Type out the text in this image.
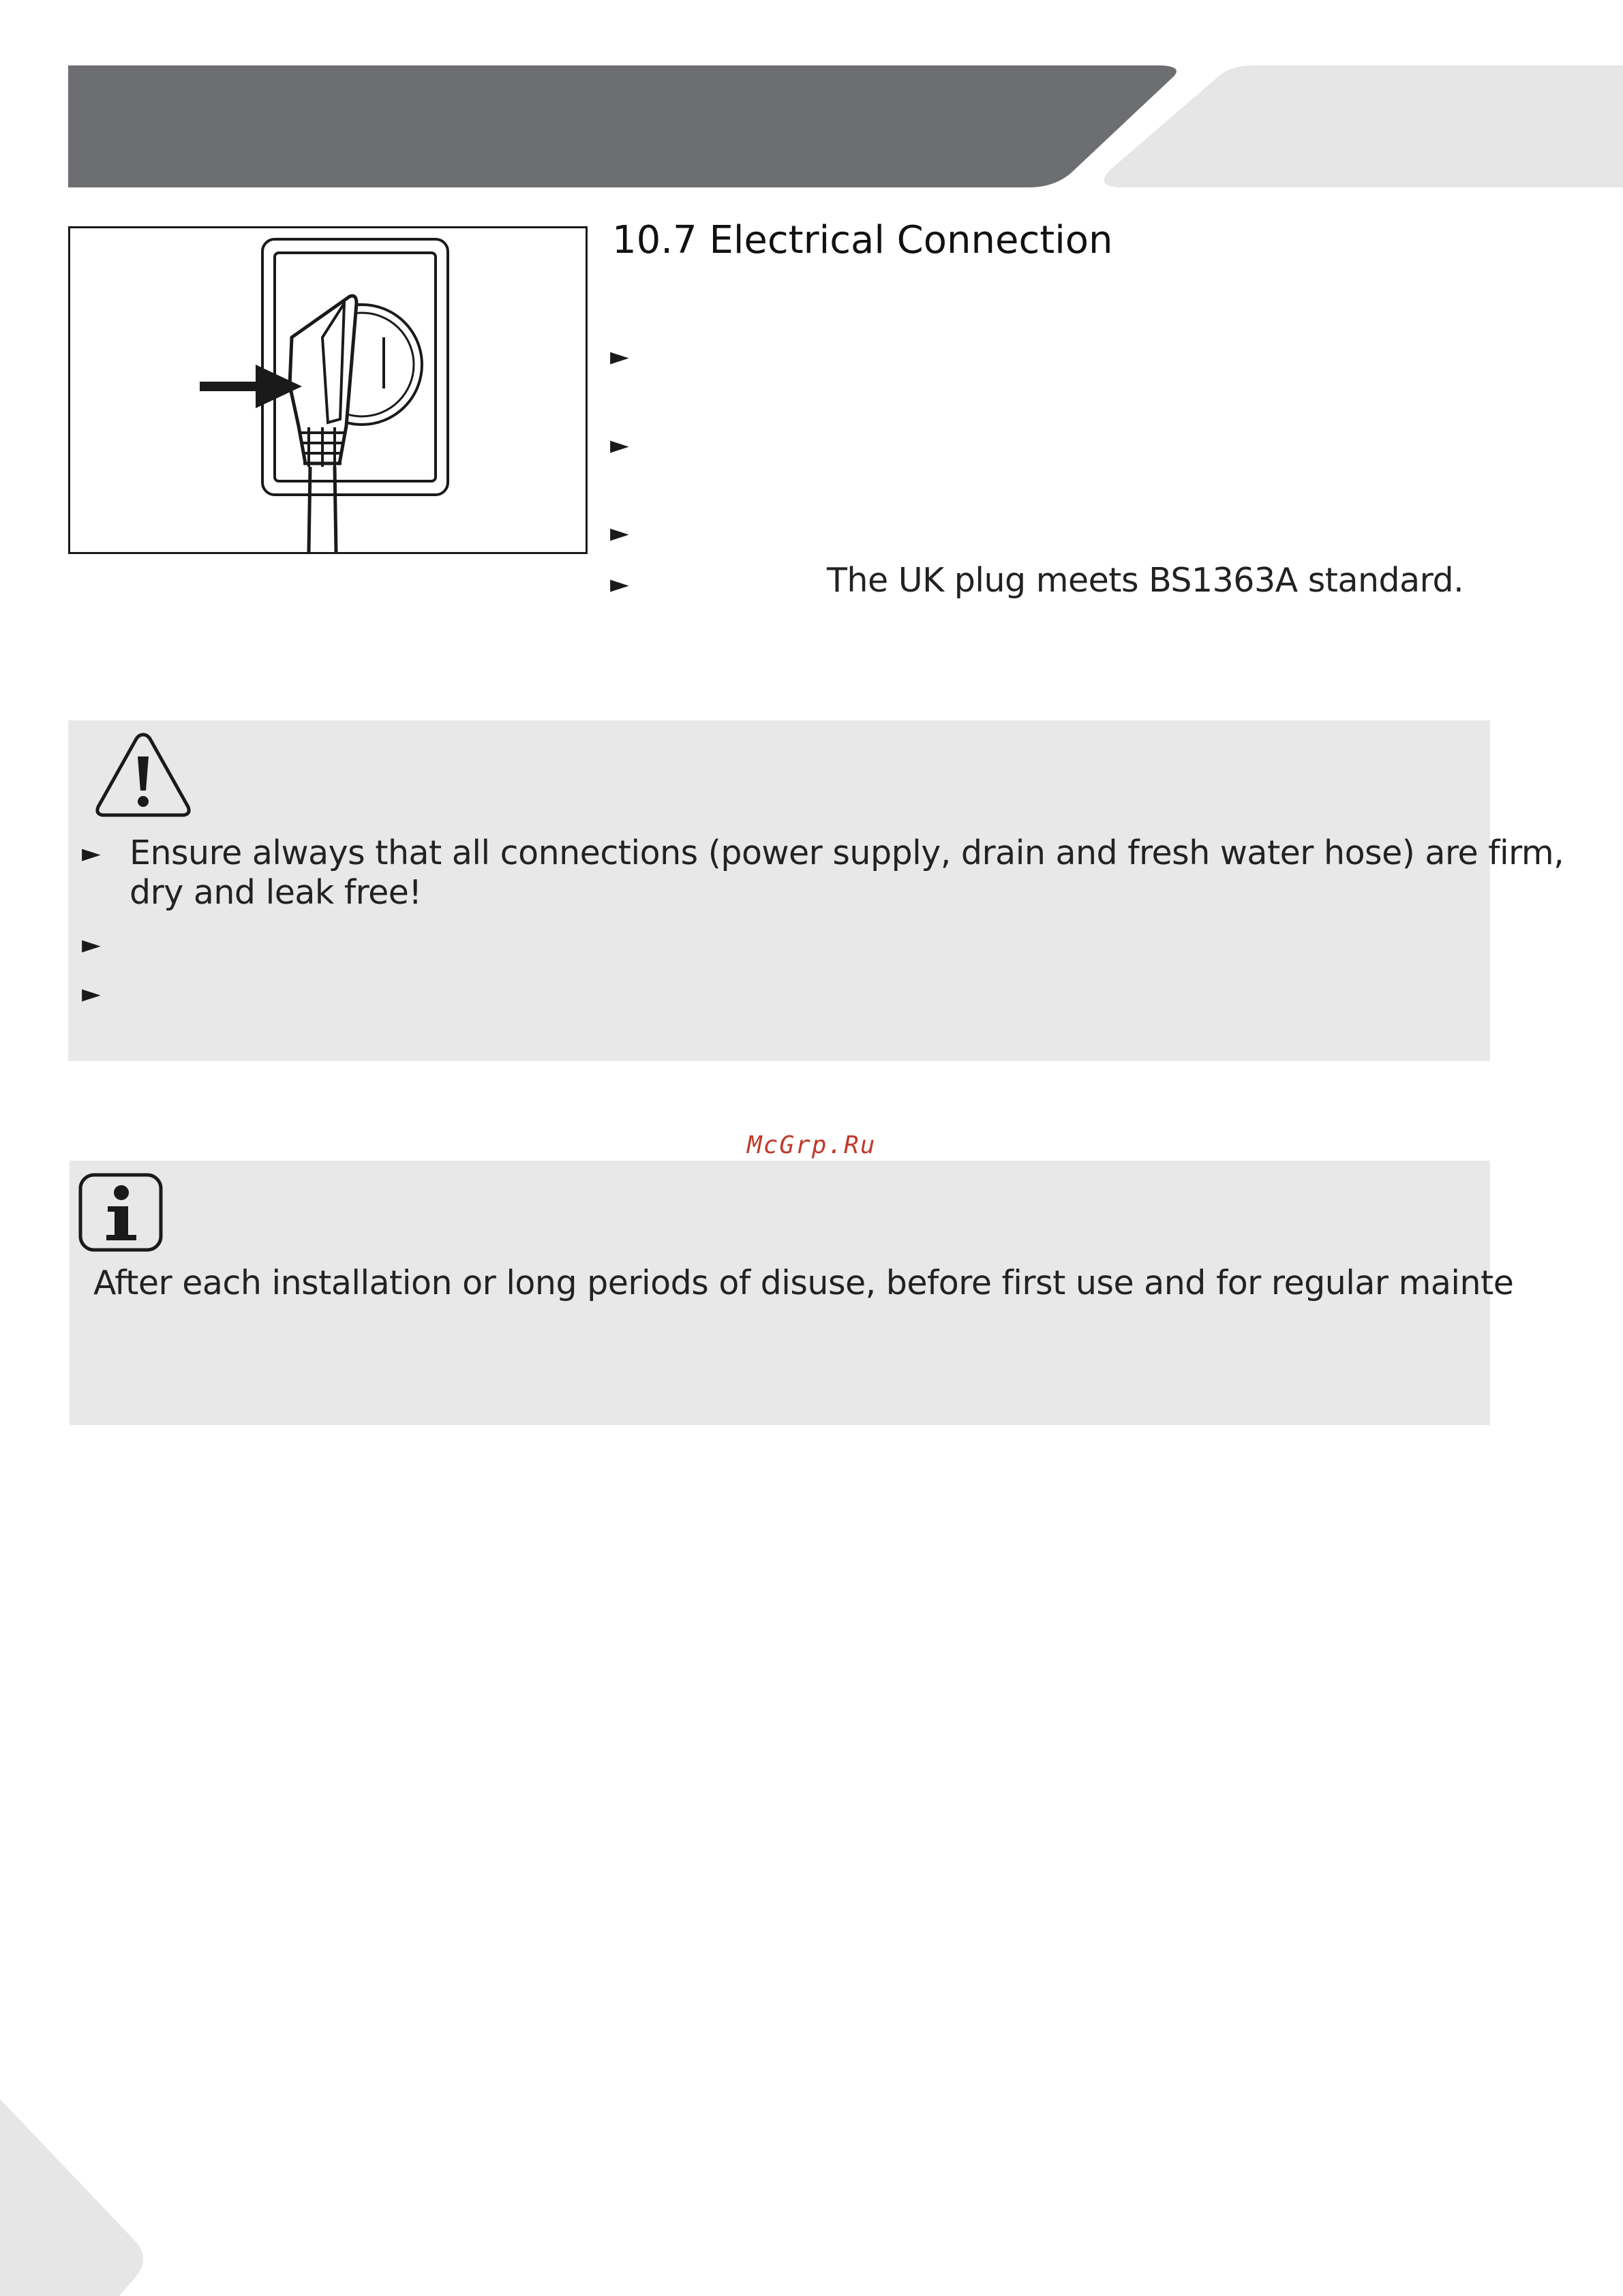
10.7 Electrical Connection
►
►
►
►	The UK plug meets BS1363A standard.
► Ensure always that all connections (power supply, drain and fresh water hose) are firm,
dry and leak free!
►
►
McGrp.Ru
After each installation or long periods of disuse, before first use and for regular mainte
